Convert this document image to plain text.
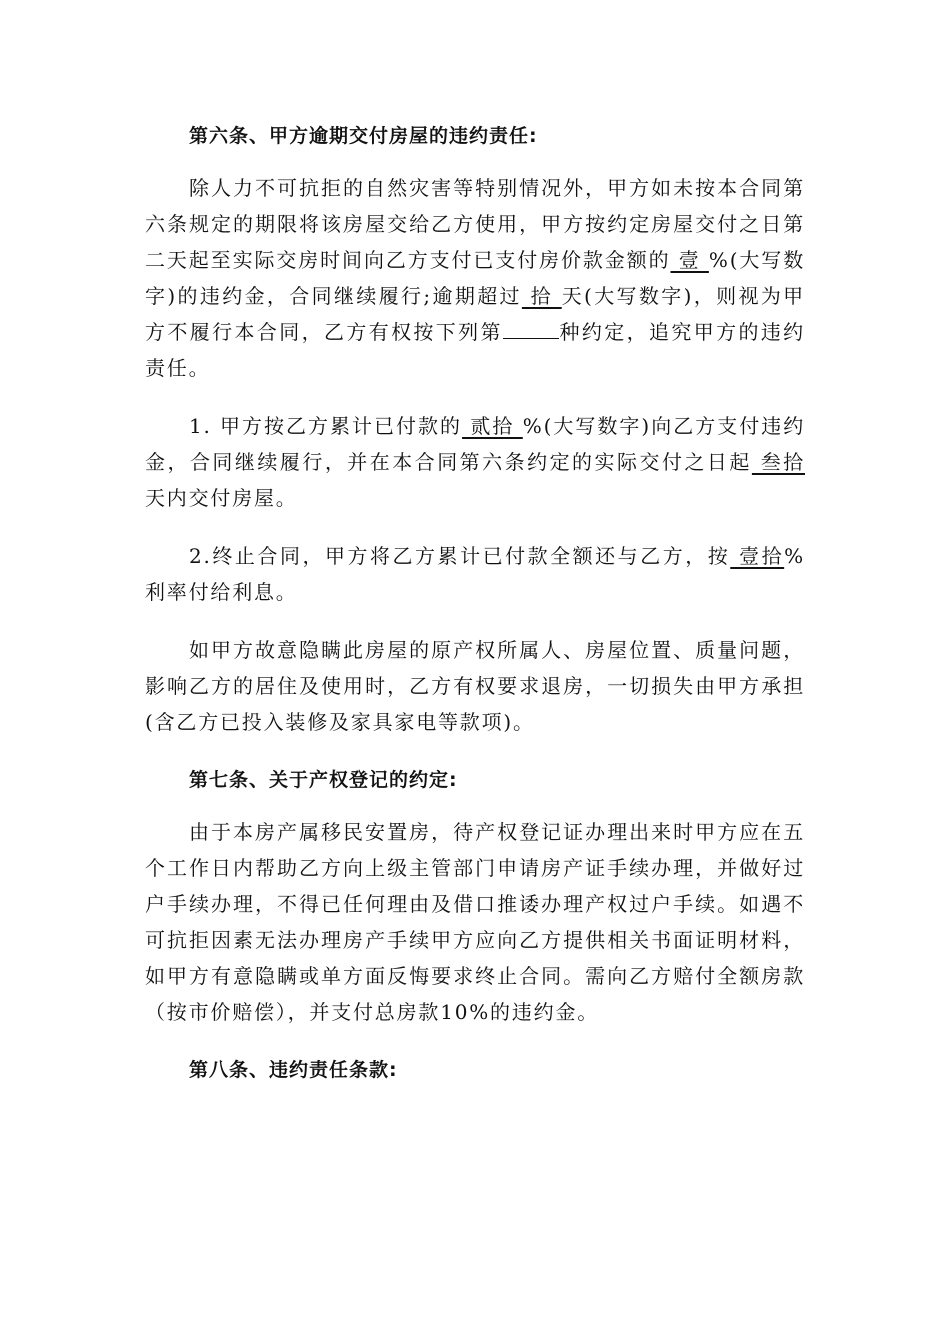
第六条、甲方逾期交付房屋的违约责任:

除人力不可抗拒的自然灾害等特别情况外，甲方如未按本合同第六条规定的期限将该房屋交给乙方使用，甲方按约定房屋交付之日第二天起至实际交房时间向乙方支付已支付房价款金额的 壹 %(大写数字)的违约金，合同继续履行;逾期超过 拾 天(大写数字)，则视为甲方不履行本合同，乙方有权按下列第	种约定，追究甲方的违约责任。

1. 甲方按乙方累计已付款的 贰拾 %(大写数字)向乙方支付违约金，合同继续履行，并在本合同第六条约定的实际交付之日起 叁拾 天内交付房屋。

2.终止合同，甲方将乙方累计已付款全额还与乙方，按 壹拾%利率付给利息。

如甲方故意隐瞒此房屋的原产权所属人、房屋位置、质量问题，影响乙方的居住及使用时，乙方有权要求退房，一切损失由甲方承担(含乙方已投入装修及家具家电等款项)。

第七条、关于产权登记的约定:

由于本房产属移民安置房，待产权登记证办理出来时甲方应在五个工作日内帮助乙方向上级主管部门申请房产证手续办理，并做好过户手续办理，不得已任何理由及借口推诿办理产权过户手续。如遇不可抗拒因素无法办理房产手续甲方应向乙方提供相关书面证明材料，如甲方有意隐瞒或单方面反悔要求终止合同。需向乙方赔付全额房款（按市价赔偿），并支付总房款10%的违约金。

第八条、违约责任条款:
